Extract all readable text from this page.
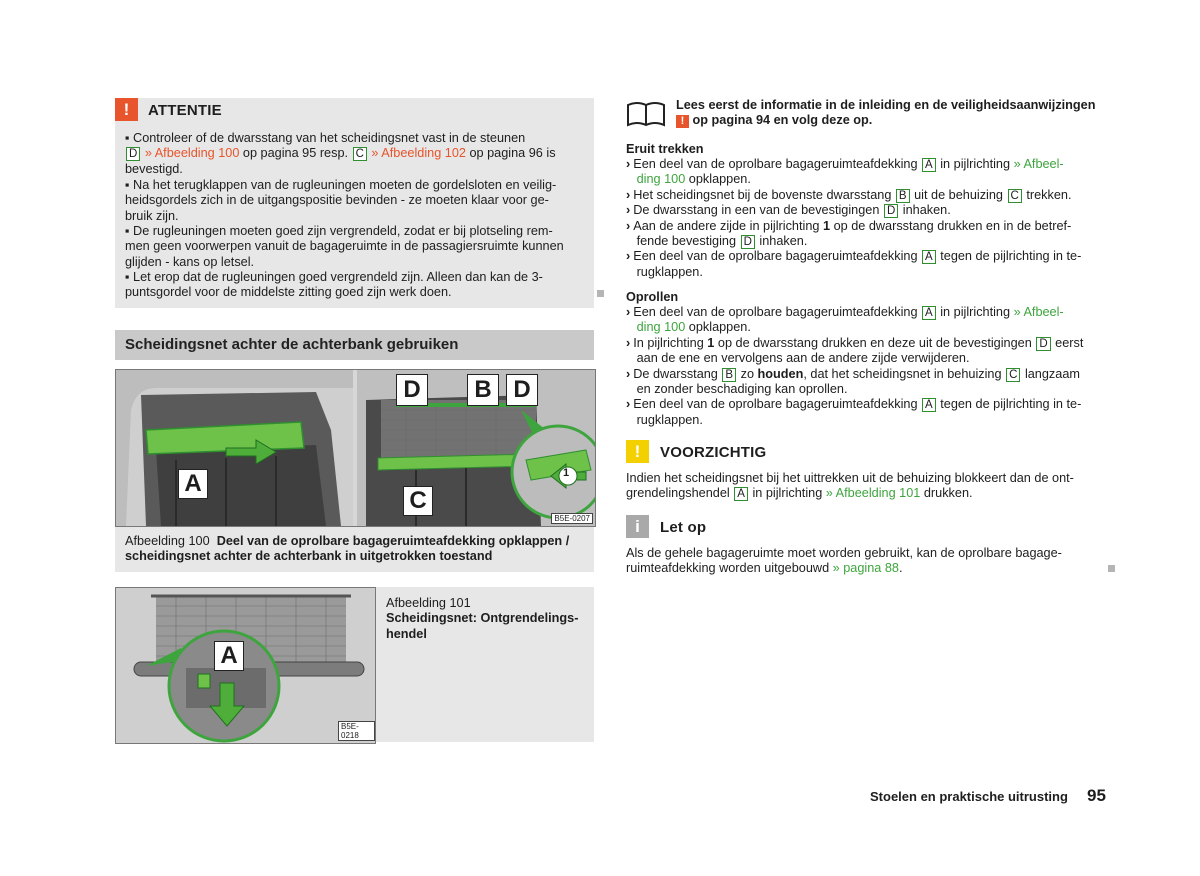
!	ATTENTIE
▪ Controleer of de dwarsstang van het scheidingsnet vast in de steunen
D » Afbeelding 100 op pagina 95 resp. C » Afbeelding 102 op pagina 96 is
bevestigd.
▪ Na het terugklappen van de rugleuningen moeten de gordelsloten en veilig-
heidsgordels zich in de uitgangspositie bevinden - ze moeten klaar voor ge-
bruik zijn.
▪ De rugleuningen moeten goed zijn vergrendeld, zodat er bij plotseling rem-
men geen voorwerpen vanuit de bagageruimte in de passagiersruimte kunnen
glijden - kans op letsel.
▪ Let erop dat de rugleuningen goed vergrendeld zijn. Alleen dan kan de 3-
puntsgordel voor de middelste zitting goed zijn werk doen.
Scheidingsnet achter de achterbank gebruiken
A
D	B D
C
1
B5E-0207
Afbeelding 100 Deel van de oprolbare bagageruimteafdekking opklappen /
scheidingsnet achter de achterbank in uitgetrokken toestand
A
B5E-0218
Afbeelding 101
Scheidingsnet: Ontgrendelings-
hendel
Lees eerst de informatie in de inleiding en de veiligheidsaanwijzingen
! op pagina 94 en volg deze op.
Eruit trekken
› Een deel van de oprolbare bagageruimteafdekking A in pijlrichting » Afbeel-
ding 100 opklappen.
› Het scheidingsnet bij de bovenste dwarsstang B uit de behuizing C trekken.
› De dwarsstang in een van de bevestigingen D inhaken.
› Aan de andere zijde in pijlrichting 1 op de dwarsstang drukken en in de betref-
fende bevestiging D inhaken.
› Een deel van de oprolbare bagageruimteafdekking A tegen de pijlrichting in te-
rugklappen.
Oprollen
› Een deel van de oprolbare bagageruimteafdekking A in pijlrichting » Afbeel-
ding 100 opklappen.
› In pijlrichting 1 op de dwarsstang drukken en deze uit de bevestigingen D eerst
aan de ene en vervolgens aan de andere zijde verwijderen.
› De dwarsstang B zo houden, dat het scheidingsnet in behuizing C langzaam
en zonder beschadiging kan oprollen.
› Een deel van de oprolbare bagageruimteafdekking A tegen de pijlrichting in te-
rugklappen.
!	VOORZICHTIG
Indien het scheidingsnet bij het uittrekken uit de behuizing blokkeert dan de ont-
grendelingshendel A in pijlrichting » Afbeelding 101 drukken.
i	Let op
Als de gehele bagageruimte moet worden gebruikt, kan de oprolbare bagage-
ruimteafdekking worden uitgebouwd » pagina 88.
Stoelen en praktische uitrusting 95
